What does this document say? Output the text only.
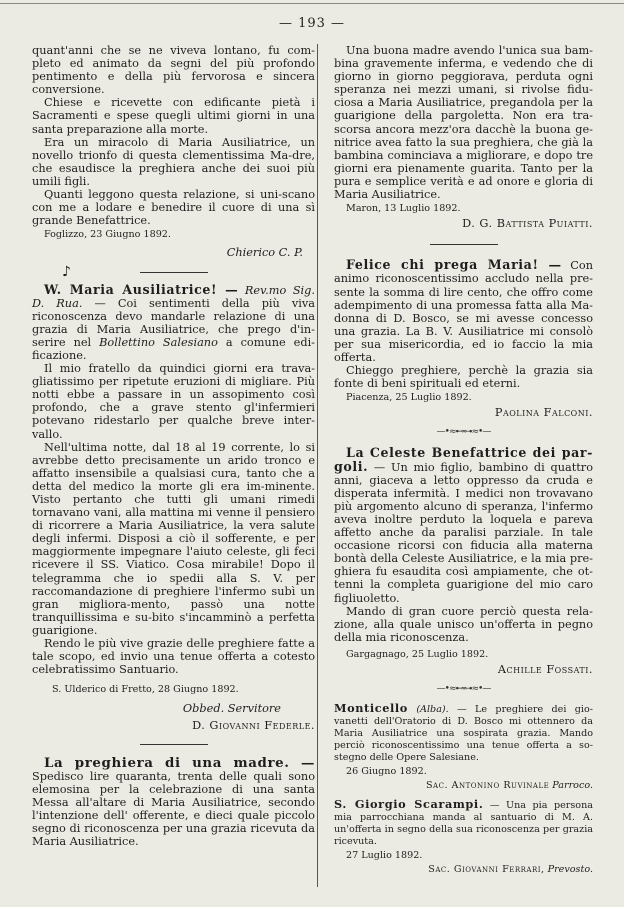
— 193 —

quant'anni che se ne viveva lontano, fu com-pleto ed animato da segni del più profondo pentimento e della più fervorosa e sincera conversione.

Chiese e ricevette con edificante pietà i Sacramenti e spese quegli ultimi giorni in una santa preparazione alla morte.

Era un miracolo di Maria Ausiliatrice, un novello trionfo di questa clementissima Ma-dre, che esaudisce la preghiera anche dei suoi più umili figli.

Quanti leggono questa relazione, si uni-scano con me a lodare e benedire il cuore di una sì grande Benefattrice.

Foglizzo, 23 Giugno 1892.
Chierico C. P.
♪

W. Maria Ausiliatrice! — Rev.mo Sig. D. Rua. — Coi sentimenti della più viva riconoscenza devo mandarle relazione di una grazia di Maria Ausiliatrice, che prego d'in-serire nel Bollettino Salesiano a comune edi-ficazione.

Il mio fratello da quindici giorni era trava-gliatissimo per ripetute eruzioni di migliare. Più notti ebbe a passare in un assopimento così profondo, che a grave stento gl'infermieri potevano ridestarlo per qualche breve inter-vallo.

Nell'ultima notte, dal 18 al 19 corrente, lo si avrebbe detto precisamente un arido tronco e affatto insensibile a qualsiasi cura, tanto che a detta del medico la morte gli era im-minente. Visto pertanto che tutti gli umani rimedi tornavano vani, alla mattina mi venne il pensiero di ricorrere a Maria Ausiliatrice, la vera salute degli infermi. Disposi a ciò il sofferente, e per maggiormente impegnare l'aiuto celeste, gli feci ricevere il SS. Viatico. Cosa mirabile! Dopo il telegramma che io spedii alla S. V. per raccomandazione di preghiere l'infermo subì un gran migliora-mento, passò una notte tranquillissima e su-bito s'incamminò a perfetta guarigione.

Rendo le più vive grazie delle preghiere fatte a tale scopo, ed invio una tenue offerta a cotesto celebratissimo Santuario.

S. Ulderico di Fretto, 28 Giugno 1892.
Obbed. Servitore
D. Giovanni Federle.

La preghiera di una madre. — Spedisco lire quaranta, trenta delle quali sono elemosina per la celebrazione di una santa Messa all'altare di Maria Ausiliatrice, secondo l'intenzione dell' offerente, e dieci quale piccolo segno di riconoscenza per una grazia ricevuta da Maria Ausiliatrice.

Una buona madre avendo l'unica sua bam-bina gravemente inferma, e vedendo che di giorno in giorno peggiorava, perduta ogni speranza nei mezzi umani, si rivolse fidu-ciosa a Maria Ausiliatrice, pregandola per la guarigione della pargoletta. Non era tra-scorsa ancora mezz'ora dacchè la buona ge-nitrice avea fatto la sua preghiera, che già la bambina cominciava a migliorare, e dopo tre giorni era pienamente guarita. Tanto per la pura e semplice verità e ad onore e gloria di Maria Ausiliatrice.

Maron, 13 Luglio 1892.
D. G. Battista Puiatti.

Felice chi prega Maria! — Con animo riconoscentissimo accludo nella pre-sente la somma di lire cento, che offro come adempimento di una promessa fatta alla Ma-donna di D. Bosco, se mi avesse concesso una grazia. La B. V. Ausiliatrice mi consolò per sua misericordia, ed io faccio la mia offerta.

Chieggo preghiere, perchè la grazia sia fonte di beni spirituali ed eterni.

Piacenza, 25 Luglio 1892.
Paolina Falconi.
—•≈⊷⊶≈•—

La Celeste Benefattrice dei par-goli. — Un mio figlio, bambino di quattro anni, giaceva a letto oppresso da cruda e disperata infermità. I medici non trovavano più argomento alcuno di speranza, l'infermo aveva inoltre perduto la loquela e pareva affetto anche da paralisi parziale. In tale occasione ricorsi con fiducia alla materna bontà della Celeste Ausiliatrice, e la mia pre-ghiera fu esaudita così ampiamente, che ot-tenni la completa guarigione del mio caro figliuoletto.

Mando di gran cuore perciò questa rela-zione, alla quale unisco un'offerta in pegno della mia riconoscenza.

Gargagnago, 25 Luglio 1892.
Achille Fossati.
—•≈⊷⊶≈•—

Monticello (Alba). — Le preghiere dei gio-vanetti dell'Oratorio di D. Bosco mi ottennero da Maria Ausiliatrice una sospirata grazia. Mando perciò riconoscentissimo una tenue offerta a so-stegno delle Opere Salesiane.

26 Giugno 1892.
Sac. Antonino Ruvinale Parroco.

S. Giorgio Scarampi. — Una pia persona mia parrocchiana manda al santuario di M. A. un'offerta in segno della sua riconoscenza per grazia ricevuta.

27 Luglio 1892.
Sac. Giovanni Ferrari, Prevosto.
